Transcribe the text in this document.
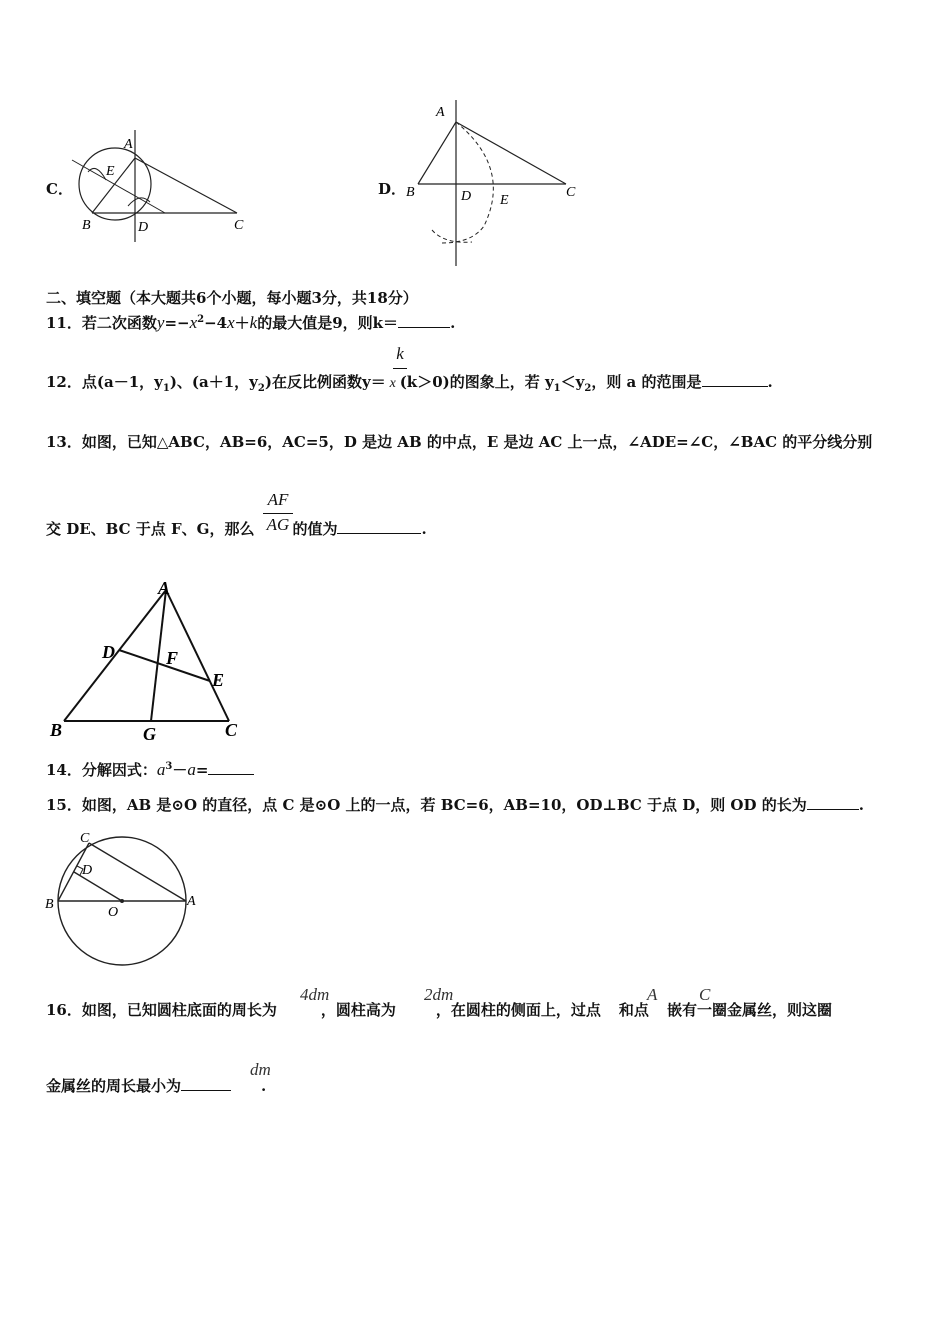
C．
A
E
B	D	C
D．
A
B	D E
C
二、填空题（本大题共6个小题，每小题3分，共18分）
11．若二次函数$y=-x^2-4x+k$的最大值是9，则k＝	.
k
12．点(a－1，$y_1$)、(a＋1，$y_2$)在反比例函数y＝ x (k＞0)的图象上，若 $y_1<y_2$，则 a 的范围是	.
13．如图，已知△ABC，AB=6，AC=5，D 是边 AB 的中点，E 是边 AC 上一点，∠ADE=∠C，∠BAC 的平分线分别
AF
AG
交 DE、BC 于点 F、G，那么	的值为	.
A
D	F
E
B	G	C
14．分解因式：$a^3-a=$
15．如图，AB 是⊙O 的直径，点 C 是⊙O 上的一点，若 BC=6，AB=10，OD⊥BC 于点 D，则 OD 的长为	.
C
D
B
O
A
4dm	2dm	A C
16．如图，已知圆柱底面的周长为	，圆柱高为	，在圆柱的侧面上，过点 和点 嵌有一圈金属丝，则这圈
dm
金属丝的周长最小为	.
